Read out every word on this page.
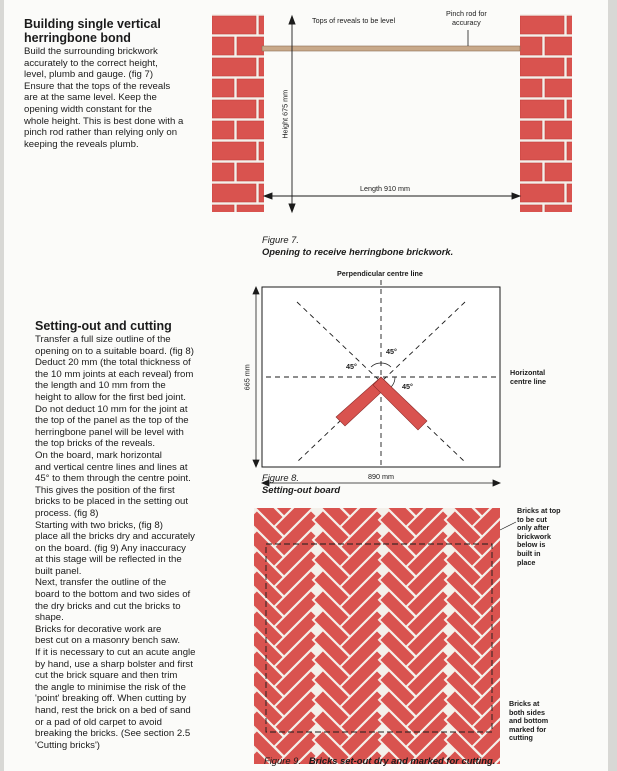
Building single vertical
herringbone bond
Build the surrounding brickwork
accurately to the correct height,
level, plumb and gauge. (fig 7)
Ensure that the tops of the reveals
are at the same level. Keep the
opening width constant for the
whole height. This is best done with a
pinch rod rather than relying only on
keeping the reveals plumb.
Setting-out and cutting
Transfer a full size outline of the
opening on to a suitable board. (fig 8)
Deduct 20 mm (the total thickness of
the 10 mm joints at each reveal) from
the length and 10 mm from the
height to allow for the first bed joint.
Do not deduct 10 mm for the joint at
the top of the panel as the top of the
herringbone panel will be level with
the top bricks of the reveals.
On the board, mark horizontal
and vertical centre lines and lines at
45° to them through the centre point.
This gives the position of the first
bricks to be placed in the setting out
process. (fig 8)
Starting with two bricks, (fig 8)
place all the bricks dry and accurately
on the board. (fig 9) Any inaccuracy
at this stage will be reflected in the
built panel.
Next, transfer the outline of the
board to the bottom and two sides of
the dry bricks and cut the bricks to
shape.
Bricks for decorative work are
best cut on a masonry bench saw.
If it is necessary to cut an acute angle
by hand, use a sharp bolster and first
cut the brick square and then trim
the angle to minimise the risk of the
'point' breaking off. When cutting by
hand, rest the brick on a bed of sand
or a pad of old carpet to avoid
breaking the bricks. (See section 2.5
'Cutting bricks')
Tops of reveals to be level
Pinch rod for
accuracy
Height 675 mm
Length 910 mm
Figure 7.
Opening to receive herringbone brickwork.
Perpendicular centre line
Horizontal
centre line
665 mm
890 mm
45°
45°
45°
Figure 8.
Setting-out board
Bricks at top
to be cut
only after
brickwork
below is
built in
place
Bricks at
both sides
and bottom
marked for
cutting
Figure 9. Bricks set-out dry and marked for cutting.
